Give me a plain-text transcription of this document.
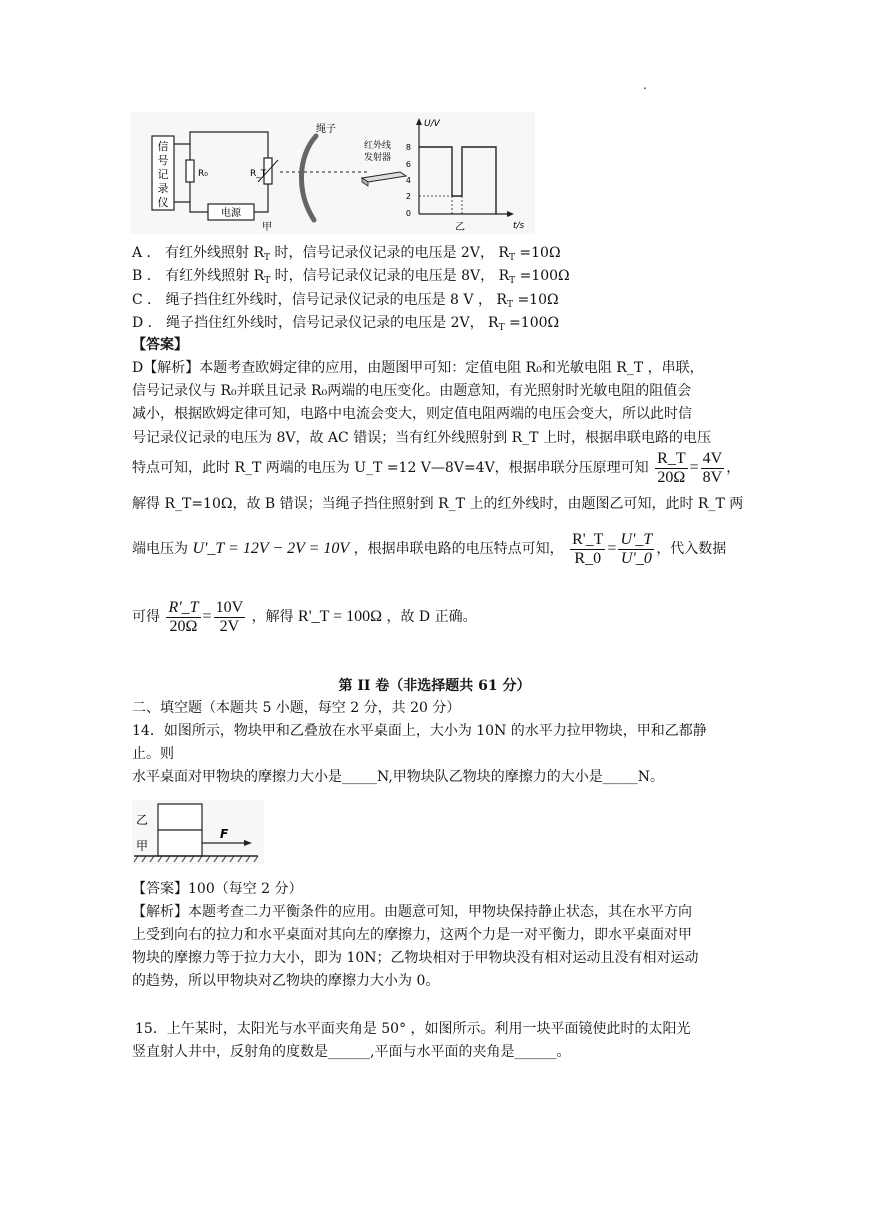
.
信
号
记
录
仪
R₀	R_T
电源
甲
绳子
红外线
发射器
U/V
t/s
8
6
4
2
0
乙
A ． 有红外线照射 $R_T$ 时，信号记录仪记录的电压是 2V， $R_T =10\Omega$
B ． 有红外线照射 $R_T$ 时，信号记录仪记录的电压是 8V， $R_T =100\Omega$
C ． 绳子挡住红外线时，信号记录仪记录的电压是 8 V ， $R_T =10\Omega$
D ． 绳子挡住红外线时，信号记录仪记录的电压是 2V， $R_T =100\Omega$
【答案】
D【解析】本题考查欧姆定律的应用，由题图甲可知：定值电阻 R₀和光敏电阻 R_T ，串联，
信号记录仪与 R₀并联且记录 R₀两端的电压变化。由题意知，有光照射时光敏电阻的阻值会
减小，根据欧姆定律可知，电路中电流会变大，则定值电阻两端的电压会变大，所以此时信
号记录仪记录的电压为 8V，故 AC 错误；当有红外线照射到 R_T 上时，根据串联电路的电压
特点可知，此时 R_T 两端的电压为 U_T =12 V—8V=4V，根据串联分压原理可知 $\frac{R\_T}{20\Omega} = \frac{4V}{8V}$ ，
解得 R_T=10Ω，故 B 错误；当绳子挡住照射到 R_T 上的红外线时，由题图乙可知，此时 R_T 两
端电压为 U'_T = 12V − 2V = 10V ，根据串联电路的电压特点可知， $\frac{R'\_T}{R\_0} = \frac{U'\_T}{U'\_0}$ ，代入数据
可得 $\frac{R'\_T}{20\Omega} = \frac{10V}{2V}$ ，解得 R'_T = 100Ω ，故 D 正确。
第 II 卷（非选择题共 61 分）
二、填空题（本题共 5 小题，每空 2 分，共 20 分）
14．如图所示，物块甲和乙叠放在水平桌面上，大小为 10N 的水平力拉甲物块，甲和乙都静
止。则
水平桌面对甲物块的摩擦力大小是_____N,甲物块队乙物块的摩擦力的大小是_____N。
乙
甲
F
【答案】100（每空 2 分）
【解析】本题考查二力平衡条件的应用。由题意可知，甲物块保持静止状态，其在水平方向
上受到向右的拉力和水平桌面对其向左的摩擦力，这两个力是一对平衡力，即水平桌面对甲
物块的摩擦力等于拉力大小，即为 10N；乙物块相对于甲物块没有相对运动且没有相对运动
的趋势，所以甲物块对乙物块的摩擦力大小为 0。
15．上午某时，太阳光与水平面夹角是 50° ，如图所示。利用一块平面镜使此时的太阳光
竖直射人井中，反射角的度数是______,平面与水平面的夹角是______。
